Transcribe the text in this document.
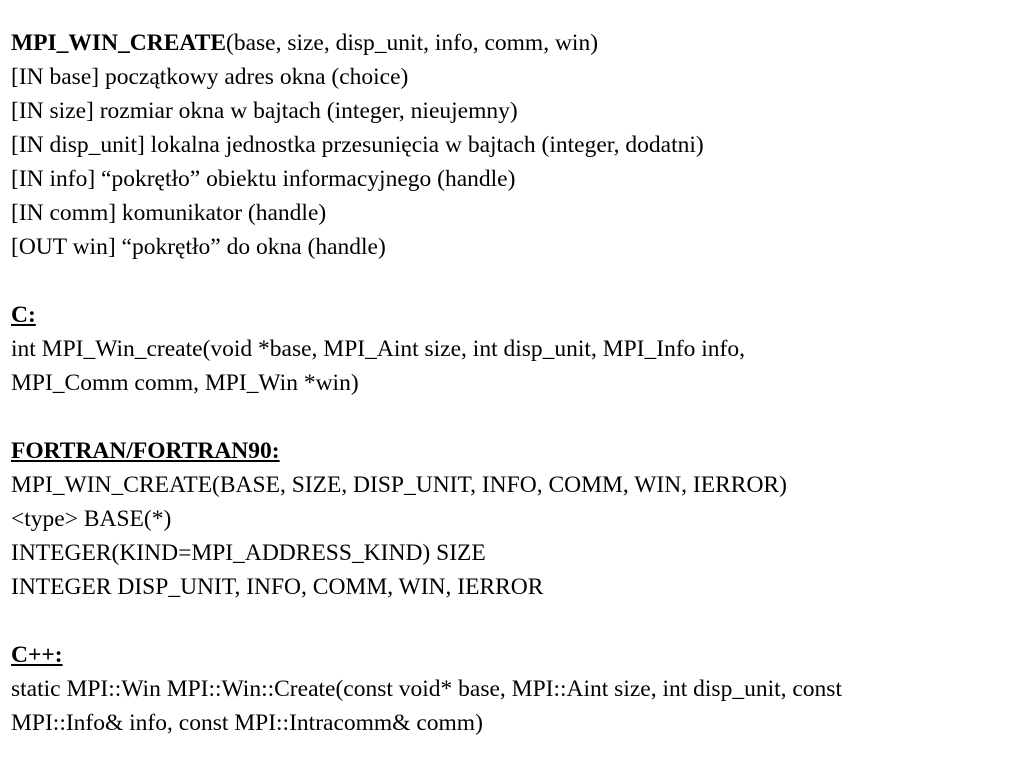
MPI_WIN_CREATE(base, size, disp_unit, info, comm, win)
[IN base] początkowy adres okna (choice)
[IN size] rozmiar okna w bajtach (integer, nieujemny)
[IN disp_unit] lokalna jednostka przesunięcia w bajtach (integer, dodatni)
[IN info] “pokrętło” obiektu informacyjnego (handle)
[IN comm] komunikator (handle)
[OUT win] “pokrętło” do okna (handle)
C:
int MPI_Win_create(void *base, MPI_Aint size, int disp_unit, MPI_Info info,
MPI_Comm comm, MPI_Win *win)
FORTRAN/FORTRAN90:
MPI_WIN_CREATE(BASE, SIZE, DISP_UNIT, INFO, COMM, WIN, IERROR)
<type> BASE(*)
INTEGER(KIND=MPI_ADDRESS_KIND) SIZE
INTEGER DISP_UNIT, INFO, COMM, WIN, IERROR
C++:
static MPI::Win MPI::Win::Create(const void* base, MPI::Aint size, int disp_unit, const
MPI::Info& info, const MPI::Intracomm& comm)
